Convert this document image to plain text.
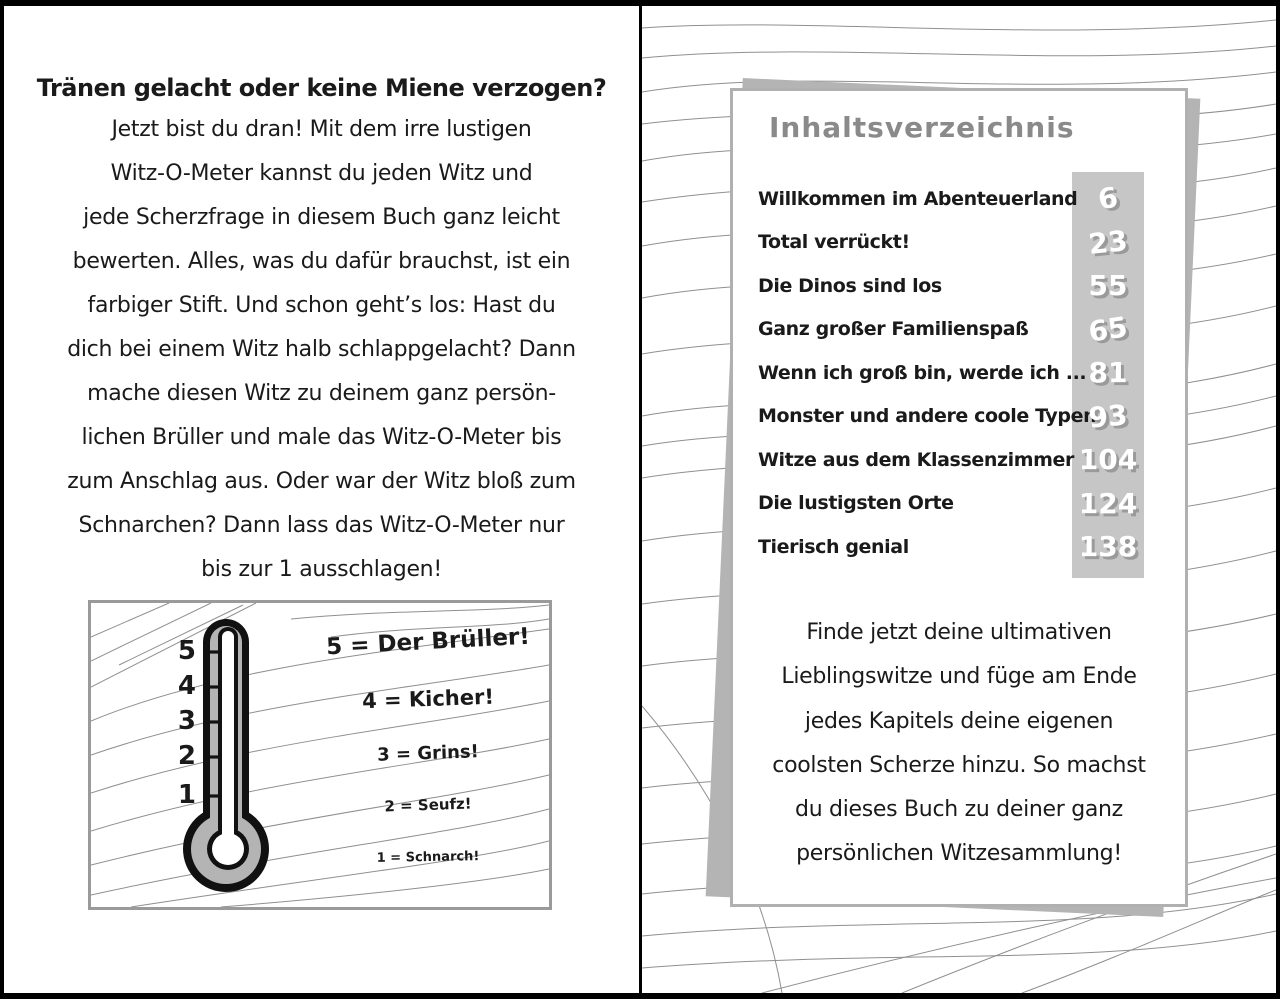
Tränen gelacht oder keine Miene verzogen?
Jetzt bist du dran! Mit dem irre lustigen
Witz-O-Meter kannst du jeden Witz und
jede Scherzfrage in diesem Buch ganz leicht
bewerten. Alles, was du dafür brauchst, ist ein
farbiger Stift. Und schon geht’s los: Hast du
dich bei einem Witz halb schlappgelacht? Dann
mache diesen Witz zu deinem ganz persön-
lichen Brüller und male das Witz-O-Meter bis
zum Anschlag aus. Oder war der Witz bloß zum
Schnarchen? Dann lass das Witz-O-Meter nur
bis zur 1 ausschlagen!
5
4
3
2
1
5 = Der Brüller!
4 = Kicher!
3 = Grins!
2 = Seufz!
1 = Schnarch!
Inhaltsverzeichnis
Willkommen im Abenteuerland
Total verrückt!
Die Dinos sind los
Ganz großer Familienspaß
Wenn ich groß bin, werde ich ...
Monster und andere coole Typen
Witze aus dem Klassenzimmer
Die lustigsten Orte
Tierisch genial
6
23
55
65
81
93
104
124
138
Finde jetzt deine ultimativen
Lieblingswitze und füge am Ende
jedes Kapitels deine eigenen
coolsten Scherze hinzu. So machst
du dieses Buch zu deiner ganz
persönlichen Witzesammlung!
